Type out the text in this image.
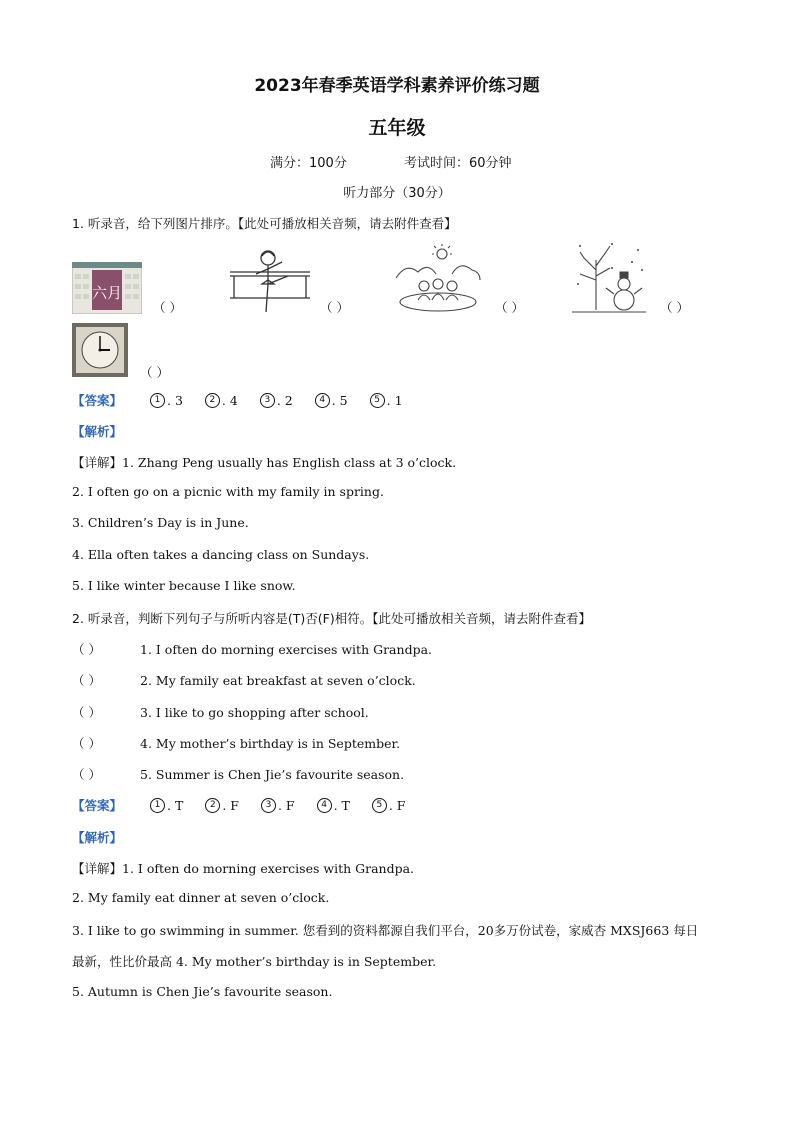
2023年春季英语学科素养评价练习题
五年级
满分：100分	考试时间：60分钟
听力部分（30分）
1. 听录音，给下列图片排序。【此处可播放相关音频，请去附件查看】
六月
（ ）	（ ）	（ ）	（ ）
（ ）
【答案】	1 . 3	2 . 4	3 . 2	4 . 5	5 . 1
【解析】
【详解】1. Zhang Peng usually has English class at 3 o’clock.
2. I often go on a picnic with my family in spring.
3. Children’s Day is in June.
4. Ella often takes a dancing class on Sundays.
5. I like winter because I like snow.
2. 听录音，判断下列句子与所听内容是(T)否(F)相符。【此处可播放相关音频，请去附件查看】
（ ）	1. I often do morning exercises with Grandpa.
（ ）	2. My family eat breakfast at seven o’clock.
（ ）	3. I like to go shopping after school.
（ ）	4. My mother’s birthday is in September.
（ ）	5. Summer is Chen Jie’s favourite season.
【答案】	1 . T	2 . F	3 . F	4 . T	5 . F
【解析】
【详解】1. I often do morning exercises with Grandpa.
2. My family eat dinner at seven o’clock.
3. I like to go swimming in summer. 您看到的资料都源自我们平台，20多万份试卷，家威杏 MXSJ663 每日
最新，性比价最高 4. My mother’s birthday is in September.
5. Autumn is Chen Jie’s favourite season.
